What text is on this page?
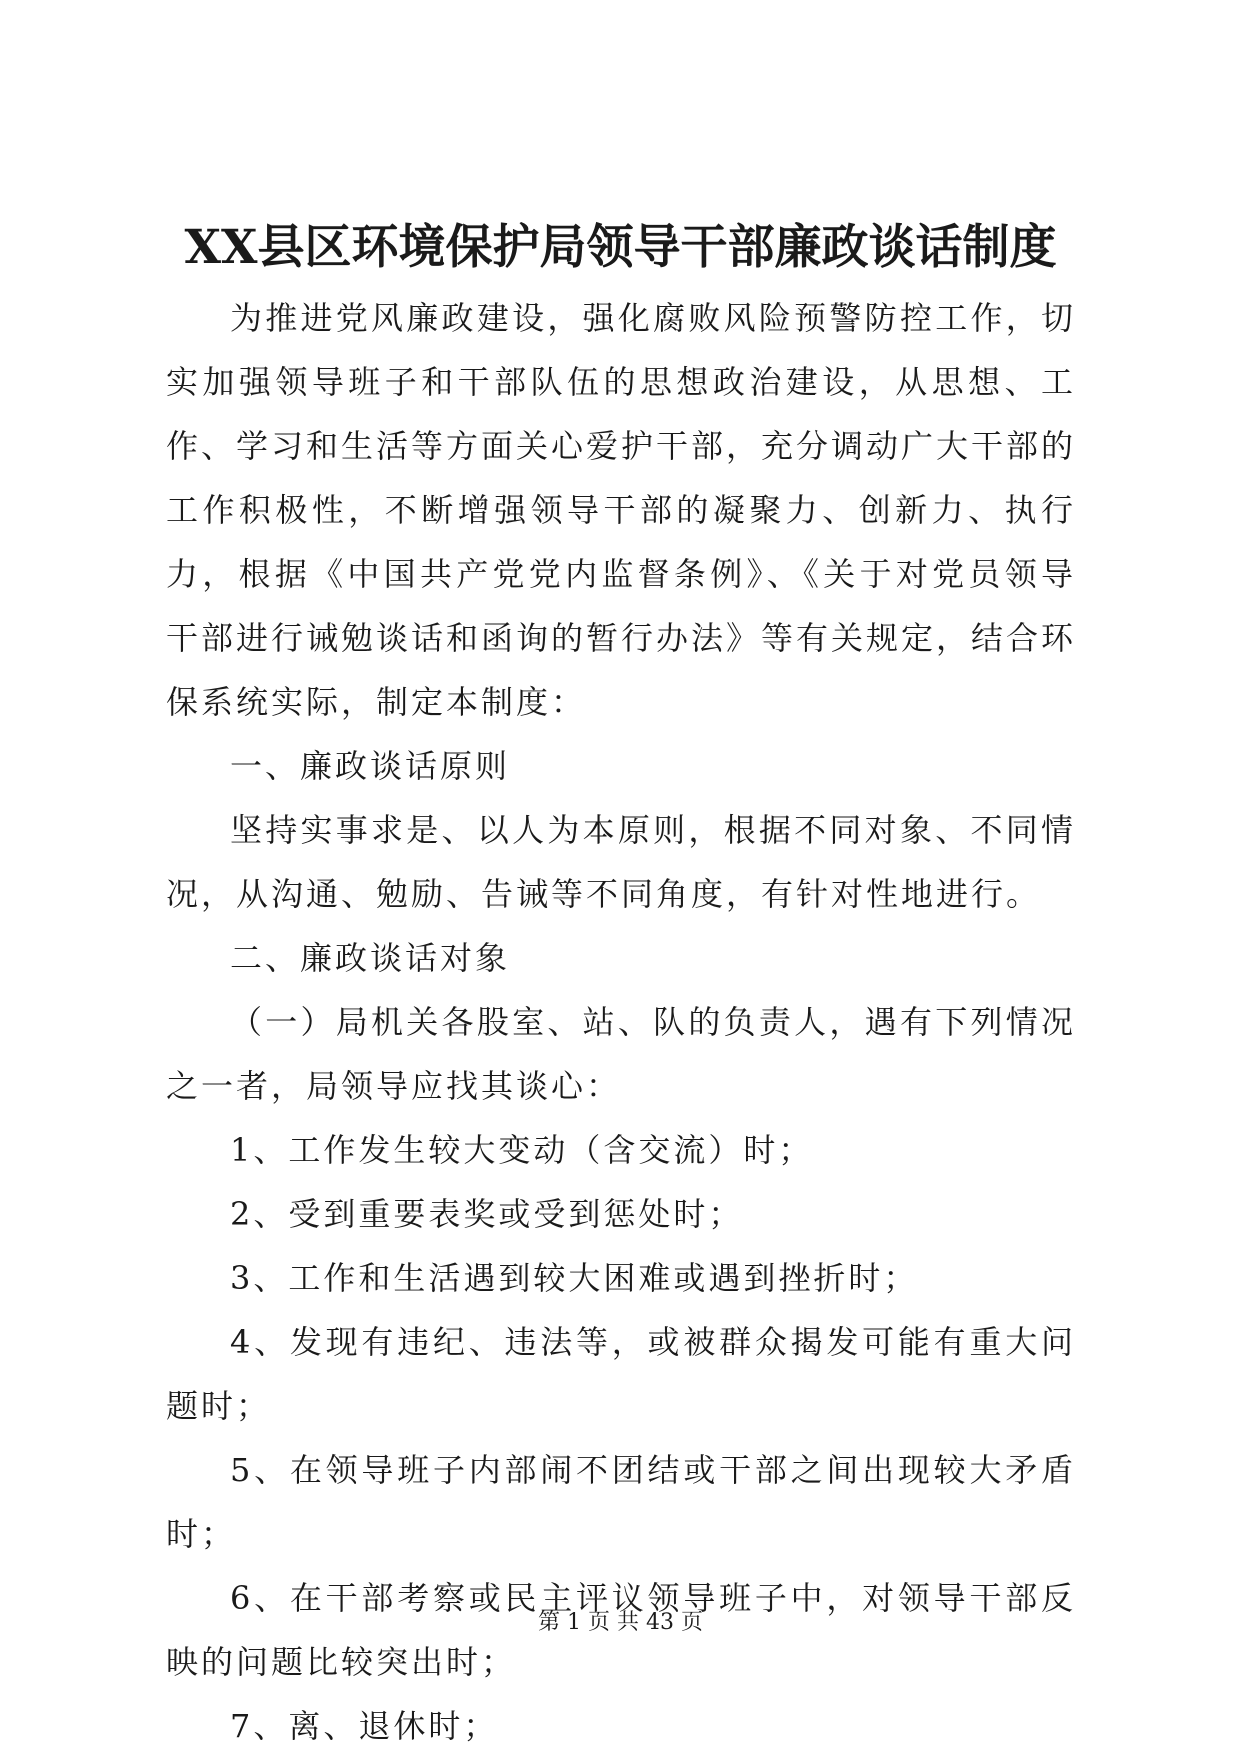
XX县区环境保护局领导干部廉政谈话制度

为推进党风廉政建设，强化腐败风险预警防控工作，切实加强领导班子和干部队伍的思想政治建设，从思想、工作、学习和生活等方面关心爱护干部，充分调动广大干部的工作积极性，不断增强领导干部的凝聚力、创新力、执行力，根据《中国共产党党内监督条例》、《关于对党员领导干部进行诫勉谈话和函询的暂行办法》等有关规定，结合环保系统实际，制定本制度：

一、廉政谈话原则

坚持实事求是、以人为本原则，根据不同对象、不同情况，从沟通、勉励、告诫等不同角度，有针对性地进行。

二、廉政谈话对象

（一）局机关各股室、站、队的负责人，遇有下列情况之一者，局领导应找其谈心：

1、工作发生较大变动（含交流）时；

2、受到重要表奖或受到惩处时；

3、工作和生活遇到较大困难或遇到挫折时；

4、发现有违纪、违法等，或被群众揭发可能有重大问题时；

5、在领导班子内部闹不团结或干部之间出现较大矛盾时；

6、在干部考察或民主评议领导班子中，对领导干部反映的问题比较突出时；

7、离、退休时；

第 1 页 共 43 页
